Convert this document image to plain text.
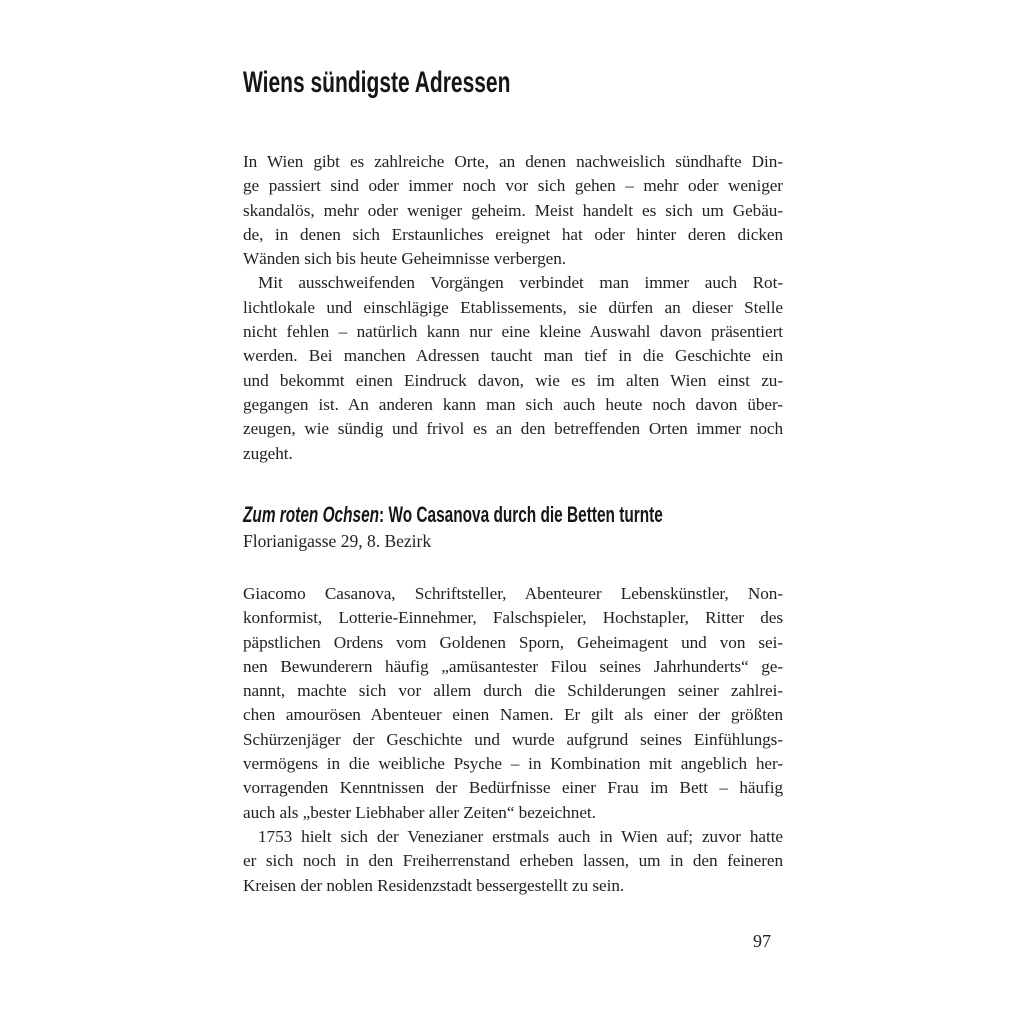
Wiens sündigste Adressen
In Wien gibt es zahlreiche Orte, an denen nachweislich sündhafte Din-
ge passiert sind oder immer noch vor sich gehen – mehr oder weniger
skandalös, mehr oder weniger geheim. Meist handelt es sich um Gebäu-
de, in denen sich Erstaunliches ereignet hat oder hinter deren dicken
Wänden sich bis heute Geheimnisse verbergen.
Mit ausschweifenden Vorgängen verbindet man immer auch Rot-
lichtlokale und einschlägige Etablissements, sie dürfen an dieser Stelle
nicht fehlen – natürlich kann nur eine kleine Auswahl davon präsentiert
werden. Bei manchen Adressen taucht man tief in die Geschichte ein
und bekommt einen Eindruck davon, wie es im alten Wien einst zu-
gegangen ist. An anderen kann man sich auch heute noch davon über-
zeugen, wie sündig und frivol es an den betreffenden Orten immer noch
zugeht.
Zum roten Ochsen: Wo Casanova durch die Betten turnte
Florianigasse 29, 8. Bezirk
Giacomo Casanova, Schriftsteller, Abenteurer Lebenskünstler, Non-
konformist, Lotterie-Einnehmer, Falschspieler, Hochstapler, Ritter des
päpstlichen Ordens vom Goldenen Sporn, Geheimagent und von sei-
nen Bewunderern häufig „amüsantester Filou seines Jahrhunderts“ ge-
nannt, machte sich vor allem durch die Schilderungen seiner zahlrei-
chen amourösen Abenteuer einen Namen. Er gilt als einer der größten
Schürzenjäger der Geschichte und wurde aufgrund seines Einfühlungs-
vermögens in die weibliche Psyche – in Kombination mit angeblich her-
vorragenden Kenntnissen der Bedürfnisse einer Frau im Bett – häufig
auch als „bester Liebhaber aller Zeiten“ bezeichnet.
1753 hielt sich der Venezianer erstmals auch in Wien auf; zuvor hatte
er sich noch in den Freiherrenstand erheben lassen, um in den feineren
Kreisen der noblen Residenzstadt bessergestellt zu sein.
97
